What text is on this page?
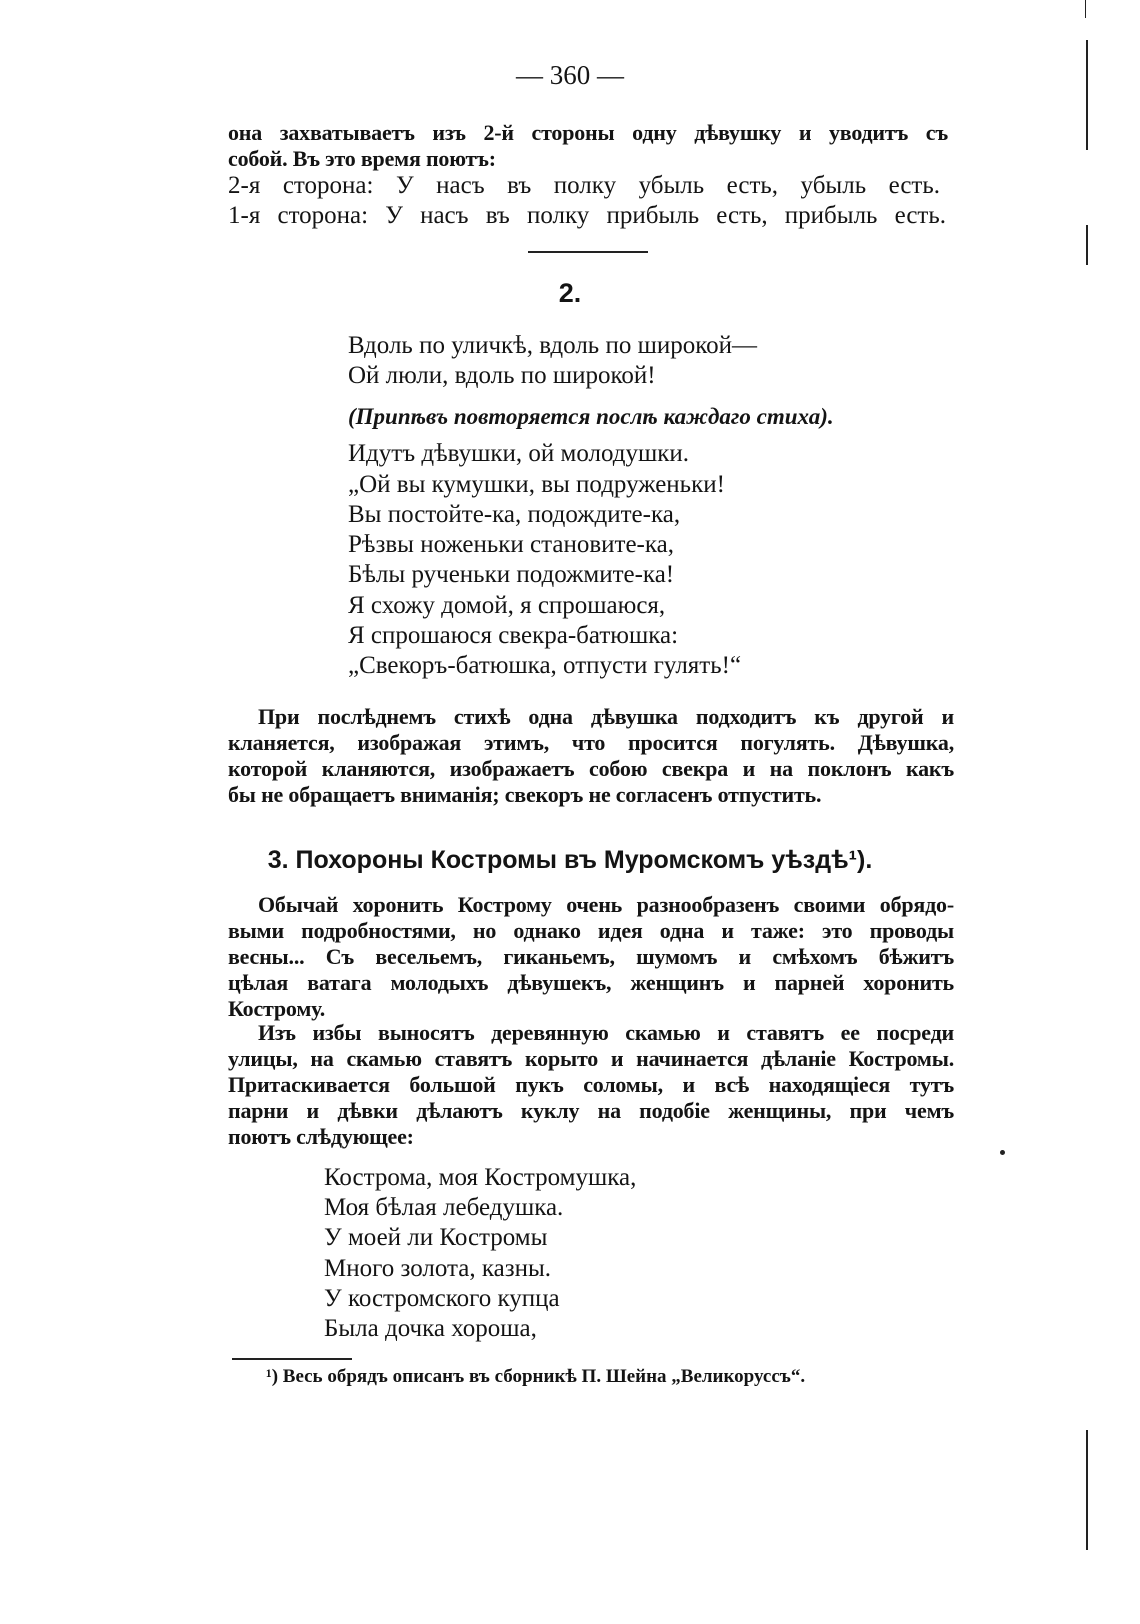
— 360 —
она захватываетъ изъ 2-й стороны одну дѣвушку и уводитъ съ
собой. Въ это время поютъ:
2-я сторона: У насъ въ полку убыль есть, убыль есть.
1-я сторона: У насъ въ полку прибыль есть, прибыль есть.
2.
Вдоль по уличкѣ, вдоль по широкой—
Ой люли, вдоль по широкой!
(Припѣвъ повторяется послѣ каждаго стиха).
Идутъ дѣвушки, ой молодушки.
„Ой вы кумушки, вы подруженьки!
Вы постойте-ка, подождите-ка,
Рѣзвы ноженьки становите-ка,
Бѣлы рученьки подожмите-ка!
Я схожу домой, я спрошаюся,
Я спрошаюся свекра-батюшка:
„Свекоръ-батюшка, отпусти гулять!“
При послѣднемъ стихѣ одна дѣвушка подходитъ къ другой и
кланяется, изображая этимъ, что просится погулять. Дѣвушка,
которой кланяются, изображаетъ собою свекра и на поклонъ какъ
бы не обращаетъ вниманія; свекоръ не согласенъ отпустить.
3. Похороны Костромы въ Муромскомъ уѣздѣ¹).
Обычай хоронить Кострому очень разнообразенъ своими обрядо-
выми подробностями, но однако идея одна и таже: это проводы
весны... Съ весельемъ, гиканьемъ, шумомъ и смѣхомъ бѣжитъ
цѣлая ватага молодыхъ дѣвушекъ, женщинъ и парней хоронить
Кострому.
Изъ избы выносятъ деревянную скамью и ставятъ ее посреди
улицы, на скамью ставятъ корыто и начинается дѣланіе Костромы.
Притаскивается большой пукъ соломы, и всѣ находящіеся тутъ
парни и дѣвки дѣлаютъ куклу на подобіе женщины, при чемъ
поютъ слѣдующее:
Кострома, моя Костромушка,
Моя бѣлая лебедушка.
У моей ли Костромы
Много золота, казны.
У костромского купца
Была дочка хороша,
¹) Весь обрядъ описанъ въ сборникѣ П. Шейна „Великоруссъ“.
